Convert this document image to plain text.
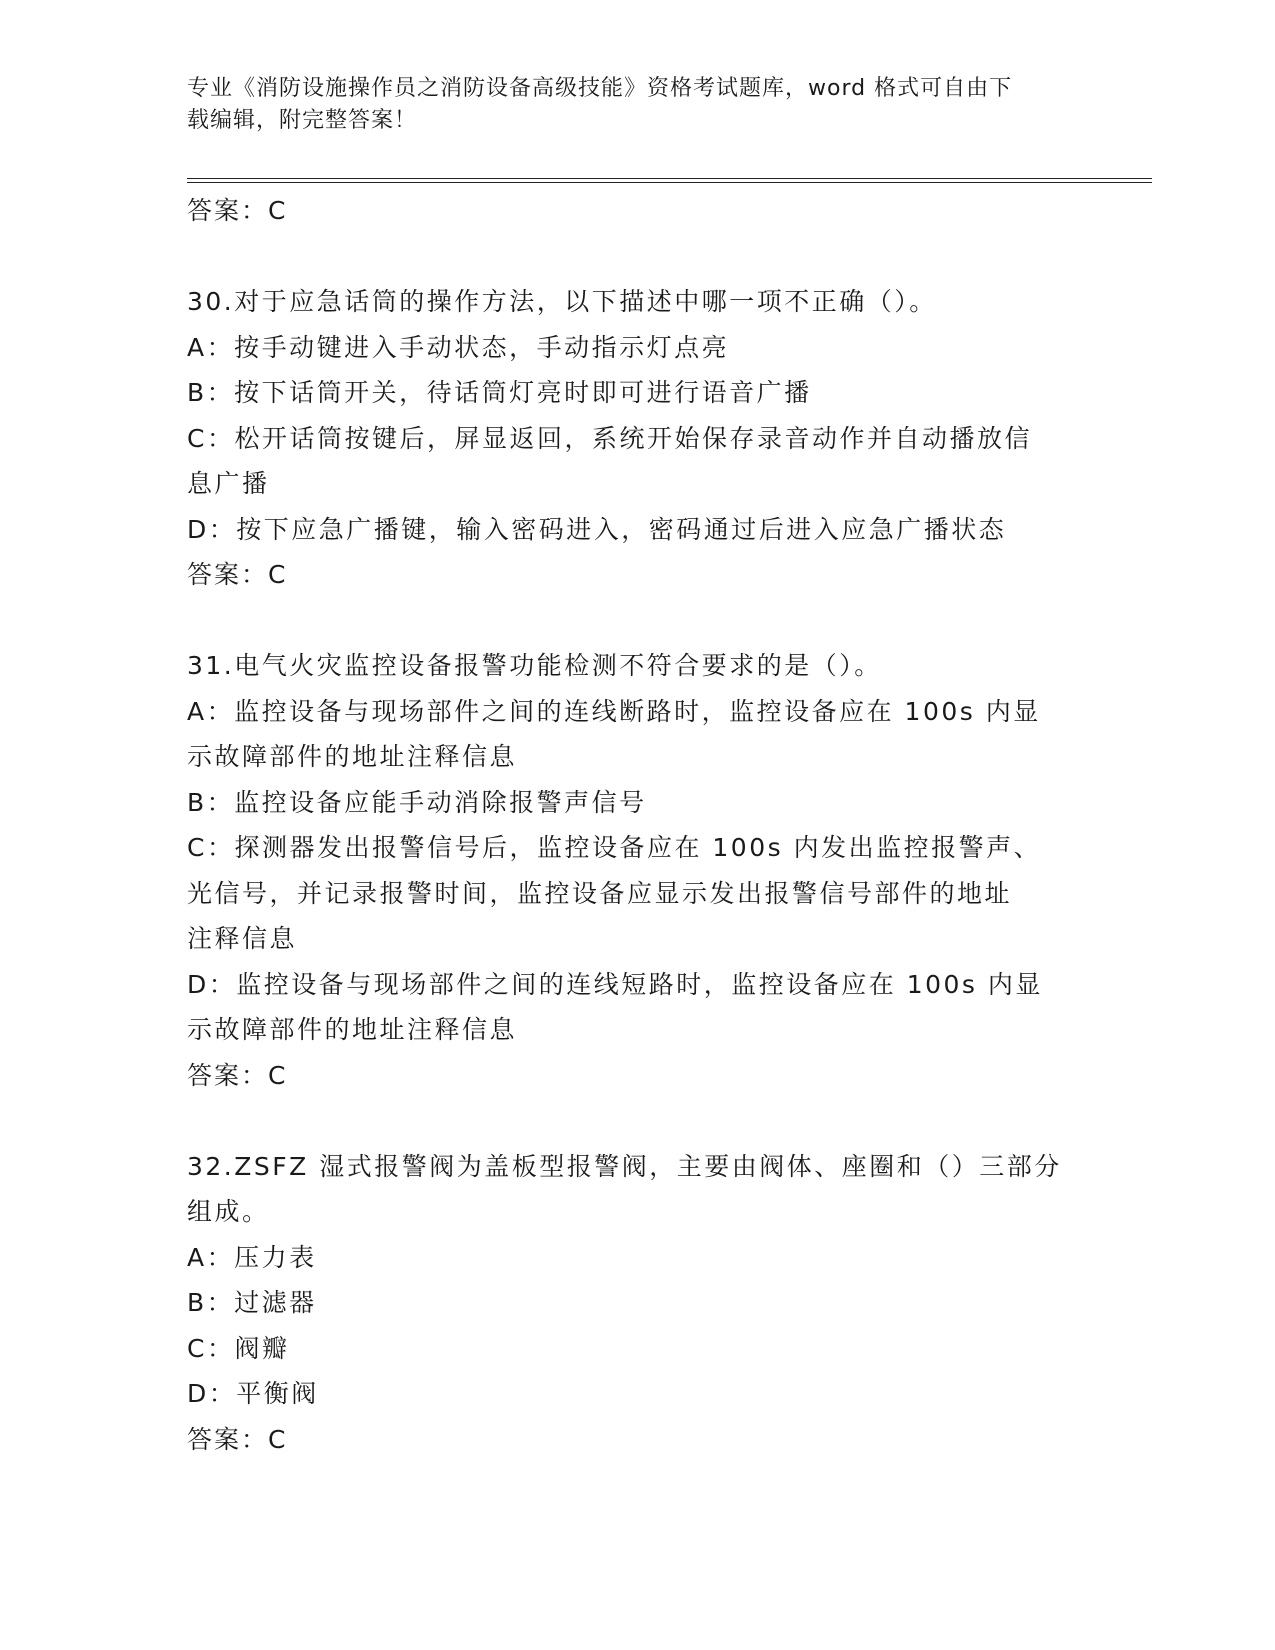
专业《消防设施操作员之消防设备高级技能》资格考试题库，word 格式可自由下
载编辑，附完整答案！
答案：C
30.对于应急话筒的操作方法，以下描述中哪一项不正确（）。
A：按手动键进入手动状态，手动指示灯点亮
B：按下话筒开关，待话筒灯亮时即可进行语音广播
C：松开话筒按键后，屏显返回，系统开始保存录音动作并自动播放信
息广播
D：按下应急广播键，输入密码进入，密码通过后进入应急广播状态
答案：C
31.电气火灾监控设备报警功能检测不符合要求的是（）。
A：监控设备与现场部件之间的连线断路时，监控设备应在 100s 内显
示故障部件的地址注释信息
B：监控设备应能手动消除报警声信号
C：探测器发出报警信号后，监控设备应在 100s 内发出监控报警声、
光信号，并记录报警时间，监控设备应显示发出报警信号部件的地址
注释信息
D：监控设备与现场部件之间的连线短路时，监控设备应在 100s 内显
示故障部件的地址注释信息
答案：C
32.ZSFZ 湿式报警阀为盖板型报警阀，主要由阀体、座圈和（）三部分
组成。
A：压力表
B：过滤器
C：阀瓣
D：平衡阀
答案：C
